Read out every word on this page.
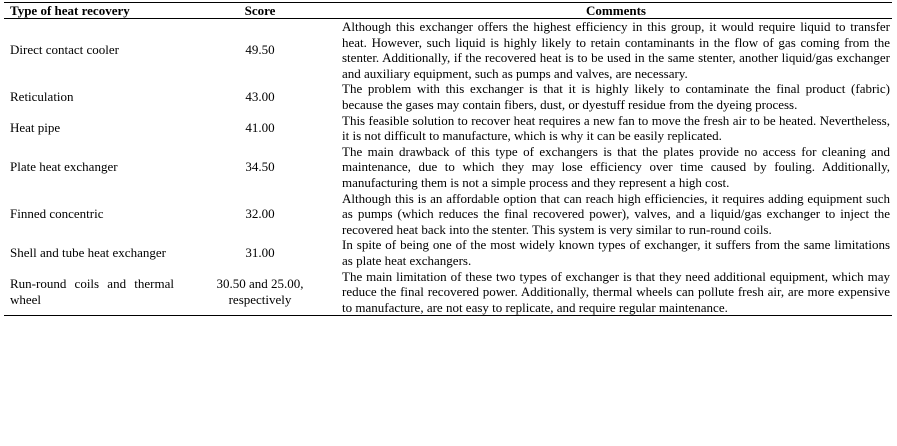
Type of heat recovery	Score	Comments
Direct contact cooler	49.50	Although this exchanger offers the highest efficiency in this group, it would require liquid to transfer heat. However, such liquid is highly likely to retain contaminants in the flow of gas coming from the stenter. Additionally, if the recovered heat is to be used in the same stenter, another liquid/gas exchanger and auxiliary equipment, such as pumps and valves, are necessary.
Reticulation	43.00	The problem with this exchanger is that it is highly likely to contaminate the final product (fabric) because the gases may contain fibers, dust, or dyestuff residue from the dyeing process.
Heat pipe	41.00	This feasible solution to recover heat requires a new fan to move the fresh air to be heated. Nevertheless, it is not difficult to manufacture, which is why it can be easily replicated.
Plate heat exchanger	34.50	The main drawback of this type of exchangers is that the plates provide no access for cleaning and maintenance, due to which they may lose efficiency over time caused by fouling. Additionally, manufacturing them is not a simple process and they represent a high cost.
Finned concentric	32.00	Although this is an affordable option that can reach high efficiencies, it requires adding equipment such as pumps (which reduces the final recovered power), valves, and a liquid/gas exchanger to inject the recovered heat back into the stenter. This system is very similar to run-round coils.
Shell and tube heat exchanger	31.00	In spite of being one of the most widely known types of exchanger, it suffers from the same limitations as plate heat exchangers.
Run-round coils and thermal wheel	30.50 and 25.00, respectively	The main limitation of these two types of exchanger is that they need additional equipment, which may reduce the final recovered power. Additionally, thermal wheels can pollute fresh air, are more expensive to manufacture, are not easy to replicate, and require regular maintenance.
